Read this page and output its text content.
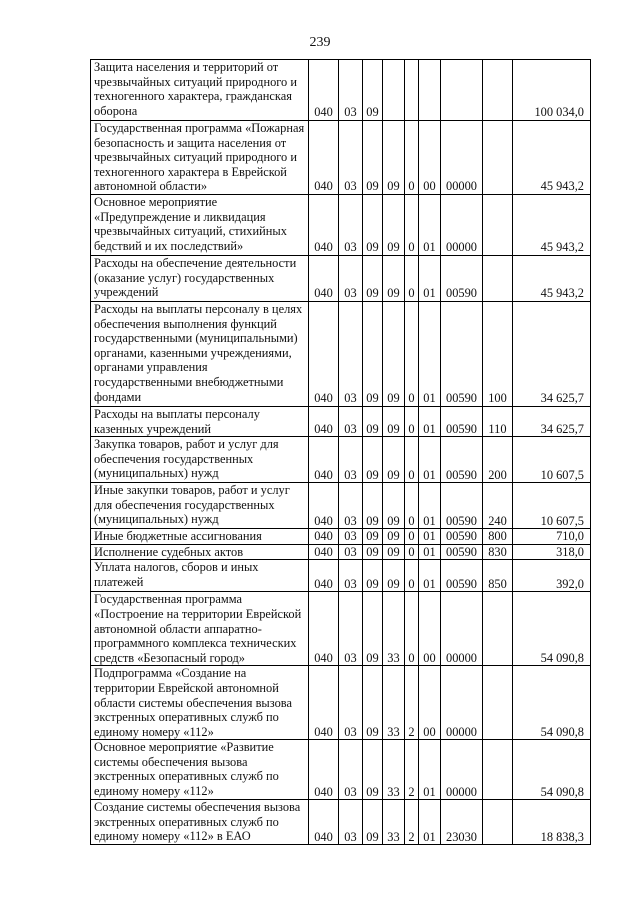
239
Защита населения и территорий от чрезвычайных ситуаций природного и техногенного характера, гражданская оборона	040	03	09						100 034,0
Государственная программа «Пожарная безопасность и защита населения от чрезвычайных ситуаций природного и техногенного характера в Еврейской автономной области»	040	03	09	09	0	00	00000		45 943,2
Основное мероприятие «Предупреждение и ликвидация чрезвычайных ситуаций, стихийных бедствий и их последствий»	040	03	09	09	0	01	00000		45 943,2
Расходы на обеспечение деятельности (оказание услуг) государственных учреждений	040	03	09	09	0	01	00590		45 943,2
Расходы на выплаты персоналу в целях обеспечения выполнения функций государственными (муниципальными) органами, казенными учреждениями, органами управления государственными внебюджетными фондами	040	03	09	09	0	01	00590	100	34 625,7
Расходы на выплаты персоналу казенных учреждений	040	03	09	09	0	01	00590	110	34 625,7
Закупка товаров, работ и услуг для обеспечения государственных (муниципальных) нужд	040	03	09	09	0	01	00590	200	10 607,5
Иные закупки товаров, работ и услуг для обеспечения государственных (муниципальных) нужд	040	03	09	09	0	01	00590	240	10 607,5
Иные бюджетные ассигнования	040	03	09	09	0	01	00590	800	710,0
Исполнение судебных актов	040	03	09	09	0	01	00590	830	318,0
Уплата налогов, сборов и иных платежей	040	03	09	09	0	01	00590	850	392,0
Государственная программа «Построение на территории Еврейской автономной области аппаратно-программного комплекса технических средств «Безопасный город»	040	03	09	33	0	00	00000		54 090,8
Подпрограмма «Создание на территории Еврейской автономной области системы обеспечения вызова экстренных оперативных служб по единому номеру «112»	040	03	09	33	2	00	00000		54 090,8
Основное мероприятие «Развитие системы обеспечения вызова экстренных оперативных служб по единому номеру «112»	040	03	09	33	2	01	00000		54 090,8
Создание системы обеспечения вызова экстренных оперативных служб по единому номеру «112» в ЕАО	040	03	09	33	2	01	23030		18 838,3
